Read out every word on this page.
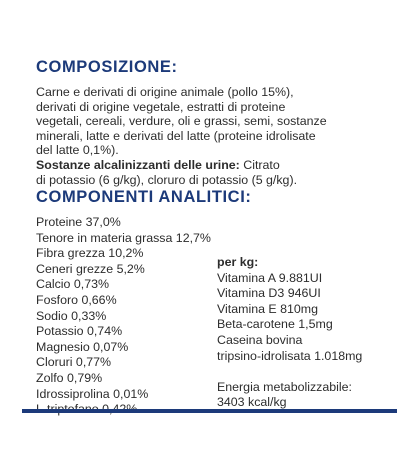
COMPOSIZIONE:

Carne e derivati di origine animale (pollo 15%),
derivati di origine vegetale, estratti di proteine
vegetali, cereali, verdure, oli e grassi, semi, sostanze
minerali, latte e derivati del latte (proteine idrolisate
del latte 0,1%).
Sostanze alcalinizzanti delle urine: Citrato
di potassio (6 g/kg), cloruro di potassio (5 g/kg).

COMPONENTI ANALITICI:
Proteine 37,0%
Tenore in materia grassa 12,7%
Fibra grezza 10,2%
Ceneri grezze 5,2%
Calcio 0,73%
Fosforo 0,66%
Sodio 0,33%
Potassio 0,74%
Magnesio 0,07%
Cloruri 0,77%
Zolfo 0,79%
Idrossiprolina 0,01%
per kg:
Vitamina A 9.881UI
Vitamina D3 946UI
Vitamina E 810mg
Beta-carotene 1,5mg
Caseina bovina
tripsino-idrolisata 1.018mg
Energia metabolizzabile:
3403 kcal/kg
